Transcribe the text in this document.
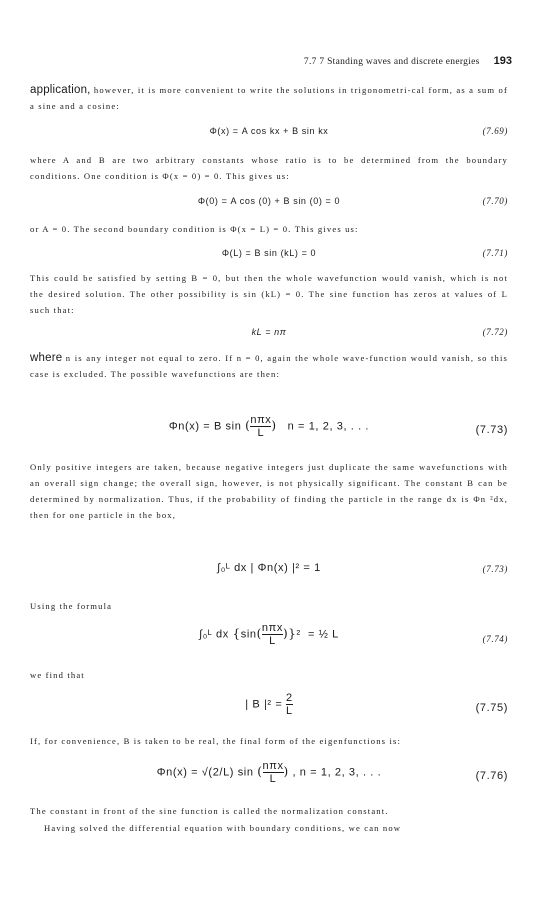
7.7 7 Standing waves and discrete energies 193
application, however, it is more convenient to write the solutions in trigonometri-cal form, as a sum of a sine and a cosine:
Φ(x) = A cos kx + B sin kx	(7.69)
where A and B are two arbitrary constants whose ratio is to be determined from the boundary conditions. One condition is Φ(x = 0) = 0. This gives us:
Φ(0) = A cos (0) + B sin (0) = 0	(7.70)
or A = 0. The second boundary condition is Φ(x = L) = 0. This gives us:
Φ(L) = B sin (kL) = 0	(7.71)
This could be satisfied by setting B = 0, but then the whole wavefunction would vanish, which is not the desired solution. The other possibility is sin (kL) = 0. The sine function has zeros at values of L such that:
kL = nπ	(7.72)
where n is any integer not equal to zero. If n = 0, again the whole wave-function would vanish, so this case is excluded. The possible wavefunctions are then:
Φn(x) = B sin ( $\frac{\text{nπx}}{L}$ ) n = 1, 2, 3, . . .	(7.73)
Only positive integers are taken, because negative integers just duplicate the same wavefunctions with an overall sign change; the overall sign, however, is not physically significant. The constant B can be determined by normalization. Thus, if the probability of finding the particle in the range dx is Φn ²dx, then for one particle in the box,
∫₀ᴸ dx | Φn(x) |² = 1	(7.73)
Using the formula
∫₀ᴸ dx $\{\sin( \frac{\text{nπx}}{L} )\}^2$  = ½ L	(7.74)
we find that
| B $|^2 = \frac{2}{L}$	(7.75)
If, for convenience, B is taken to be real, the final form of the eigenfunctions is:
Φn(x) = √(2/L) sin ( $\frac{\text{nπx}}{L}$ ) , n = 1, 2, 3, . . .	(7.76)
The constant in front of the sine function is called the normalization constant.
Having solved the differential equation with boundary conditions, we can now
